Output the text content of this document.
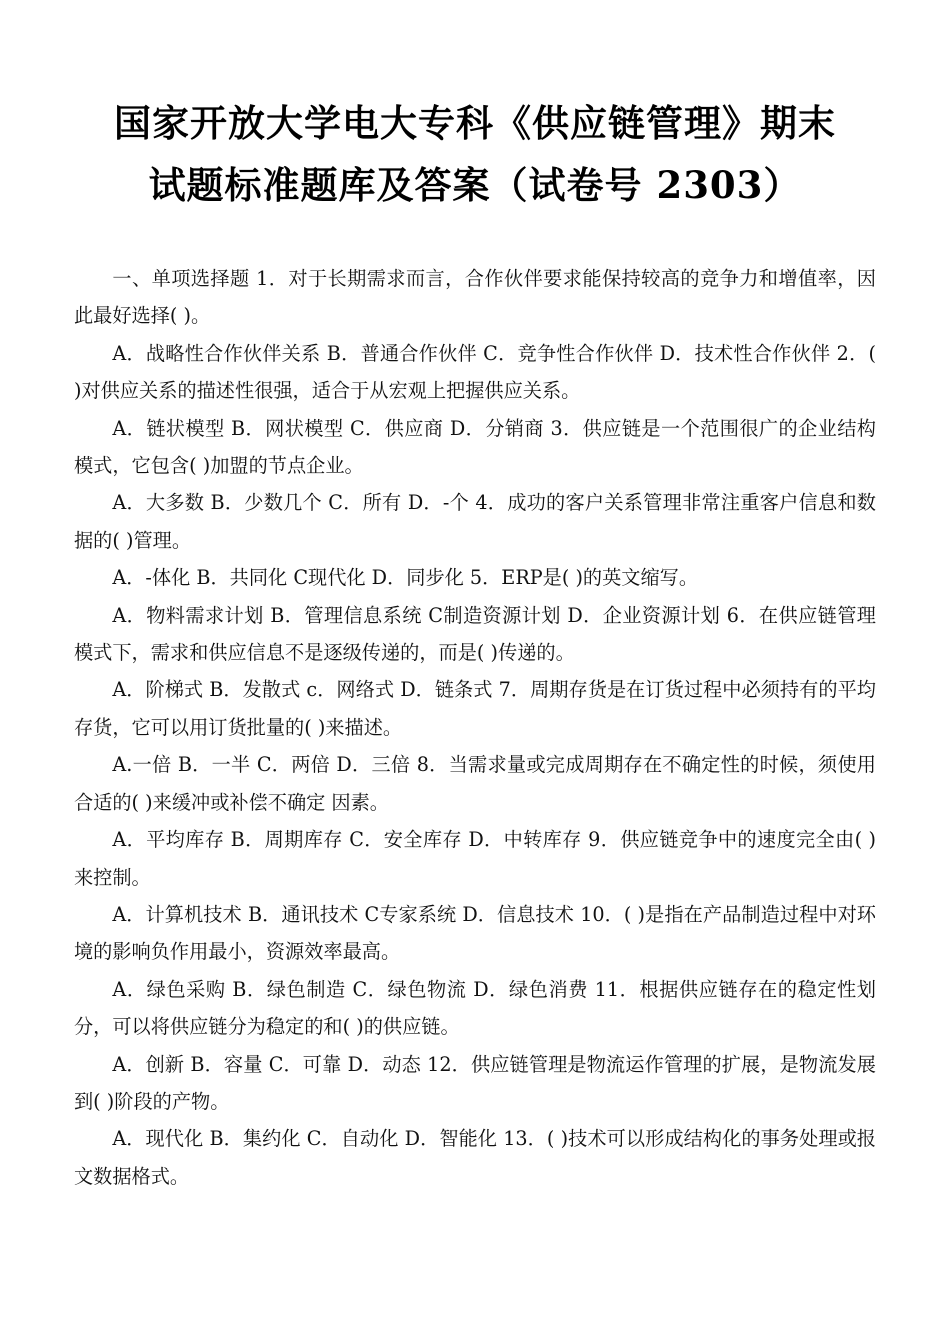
国家开放大学电大专科《供应链管理》期末
试题标准题库及答案（试卷号 2303）

一、单项选择题 1．对于长期需求而言，合作伙伴要求能保持较高的竞争力和增值率，因此最好选择( )。

A．战略性合作伙伴关系 B．普通合作伙伴 C．竞争性合作伙伴 D．技术性合作伙伴 2．( )对供应关系的描述性很强，适合于从宏观上把握供应关系。

A．链状模型 B．网状模型 C．供应商 D．分销商 3．供应链是一个范围很广的企业结构模式，它包含( )加盟的节点企业。

A．大多数 B．少数几个 C．所有 D．-个 4．成功的客户关系管理非常注重客户信息和数据的( )管理。

A．-体化 B．共同化 C现代化 D．同步化 5．ERP是( )的英文缩写。

A．物料需求计划 B．管理信息系统 C制造资源计划 D．企业资源计划 6．在供应链管理模式下，需求和供应信息不是逐级传递的，而是( )传递的。

A．阶梯式 B．发散式 c．网络式 D．链条式 7．周期存货是在订货过程中必须持有的平均存货，它可以用订货批量的( )来描述。

A.一倍 B．一半 C．两倍 D．三倍 8．当需求量或完成周期存在不确定性的时候，须使用合适的( )来缓冲或补偿不确定 因素。

A．平均库存 B．周期库存 C．安全库存 D．中转库存 9．供应链竞争中的速度完全由( )来控制。

A．计算机技术 B．通讯技术 C专家系统 D．信息技术 10．( )是指在产品制造过程中对环境的影响负作用最小，资源效率最高。

A．绿色采购 B．绿色制造 C．绿色物流 D．绿色消费 11．根据供应链存在的稳定性划分，可以将供应链分为稳定的和( )的供应链。

A．创新 B．容量 C．可靠 D．动态 12．供应链管理是物流运作管理的扩展，是物流发展到( )阶段的产物。

A．现代化 B．集约化 C．自动化 D．智能化 13．( )技术可以形成结构化的事务处理或报文数据格式。
